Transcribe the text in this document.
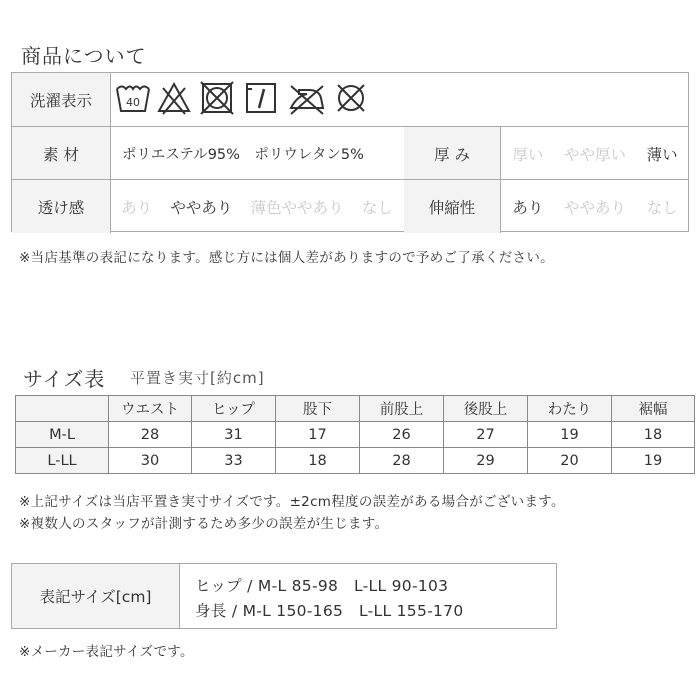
商品について
洗濯表示
素 材	ポリエステル95%　ポリウレタン5%	厚 み	厚い やや厚い 薄い
透け感	あり ややあり 薄色ややあり なし	伸縮性	あり ややあり なし
40
※当店基準の表記になります。感じ方には個人差がありますので予めご了承ください。
サイズ表 平置き実寸[約cm]
	ウエスト	ヒップ	股下	前股上	後股上	わたり	裾幅
M-L	28	31	17	26	27	19	18
L-LL	30	33	18	28	29	20	19
※上記サイズは当店平置き実寸サイズです。±2cm程度の誤差がある場合がございます。
※複数人のスタッフが計測するため多少の誤差が生じます。
表記サイズ[cm]
ヒップ / M-L 85-98　L-LL 90-103
身長 / M-L 150-165　L-LL 155-170
※メーカー表記サイズです。
